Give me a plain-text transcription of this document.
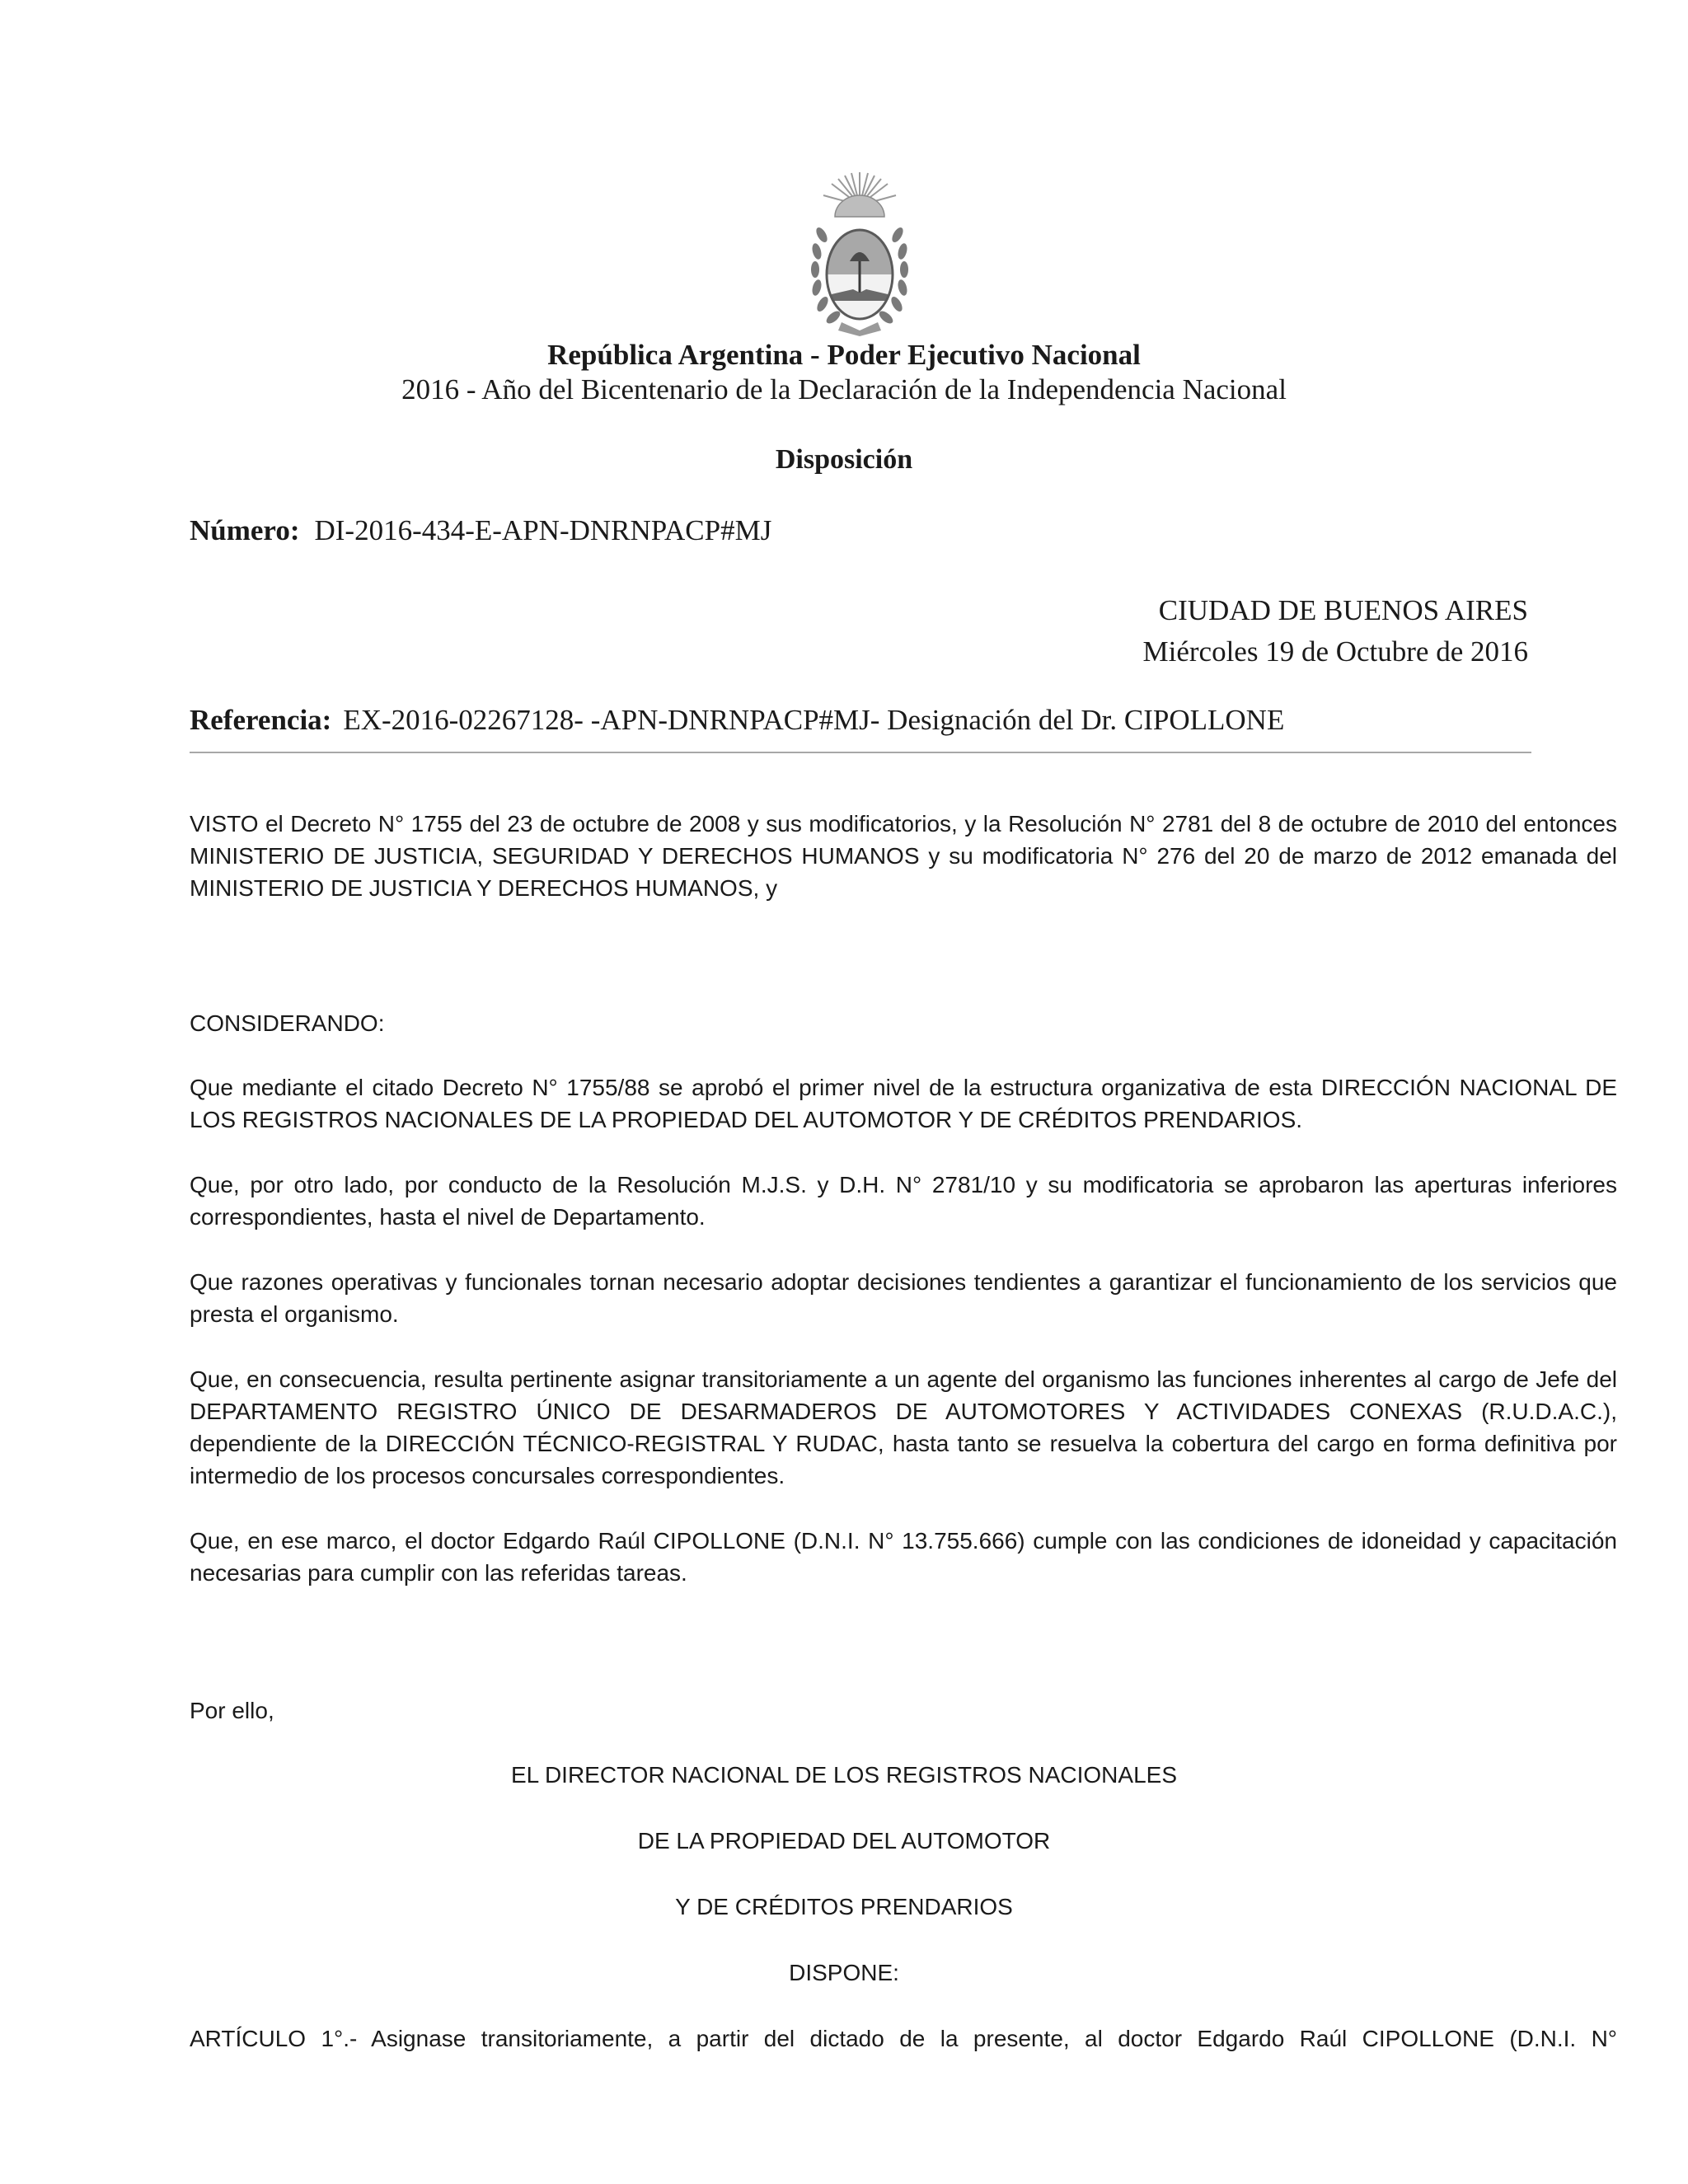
República Argentina - Poder Ejecutivo Nacional
2016 - Año del Bicentenario de la Declaración de la Independencia Nacional
Disposición
Número: DI-2016-434-E-APN-DNRNPACP#MJ
CIUDAD DE BUENOS AIRES
Miércoles 19 de Octubre de 2016
Referencia: EX-2016-02267128- -APN-DNRNPACP#MJ- Designación del Dr. CIPOLLONE

VISTO el Decreto N° 1755 del 23 de octubre de 2008 y sus modificatorios, y la Resolución N° 2781 del 8 de octubre de 2010 del entonces MINISTERIO DE JUSTICIA, SEGURIDAD Y DERECHOS HUMANOS y su modificatoria N° 276 del 20 de marzo de 2012 emanada del MINISTERIO DE JUSTICIA Y DERECHOS HUMANOS, y

CONSIDERANDO:

Que mediante el citado Decreto N° 1755/88 se aprobó el primer nivel de la estructura organizativa de esta DIRECCIÓN NACIONAL DE LOS REGISTROS NACIONALES DE LA PROPIEDAD DEL AUTOMOTOR Y DE CRÉDITOS PRENDARIOS.

Que, por otro lado, por conducto de la Resolución M.J.S. y D.H. N° 2781/10 y su modificatoria se aprobaron las aperturas inferiores correspondientes, hasta el nivel de Departamento.

Que razones operativas y funcionales tornan necesario adoptar decisiones tendientes a garantizar el funcionamiento de los servicios que presta el organismo.

Que, en consecuencia, resulta pertinente asignar transitoriamente a un agente del organismo las funciones inherentes al cargo de Jefe del DEPARTAMENTO REGISTRO ÚNICO DE DESARMADEROS DE AUTOMOTORES Y ACTIVIDADES CONEXAS (R.U.D.A.C.), dependiente de la DIRECCIÓN TÉCNICO-REGISTRAL Y RUDAC, hasta tanto se resuelva la cobertura del cargo en forma definitiva por intermedio de los procesos concursales correspondientes.

Que, en ese marco, el doctor Edgardo Raúl CIPOLLONE (D.N.I. N° 13.755.666) cumple con las condiciones de idoneidad y capacitación necesarias para cumplir con las referidas tareas.

Por ello,
EL DIRECTOR NACIONAL DE LOS REGISTROS NACIONALES
DE LA PROPIEDAD DEL AUTOMOTOR
Y DE CRÉDITOS PRENDARIOS
DISPONE:

ARTÍCULO 1°.- Asignase transitoriamente, a partir del dictado de la presente, al doctor Edgardo Raúl CIPOLLONE (D.N.I. N°
